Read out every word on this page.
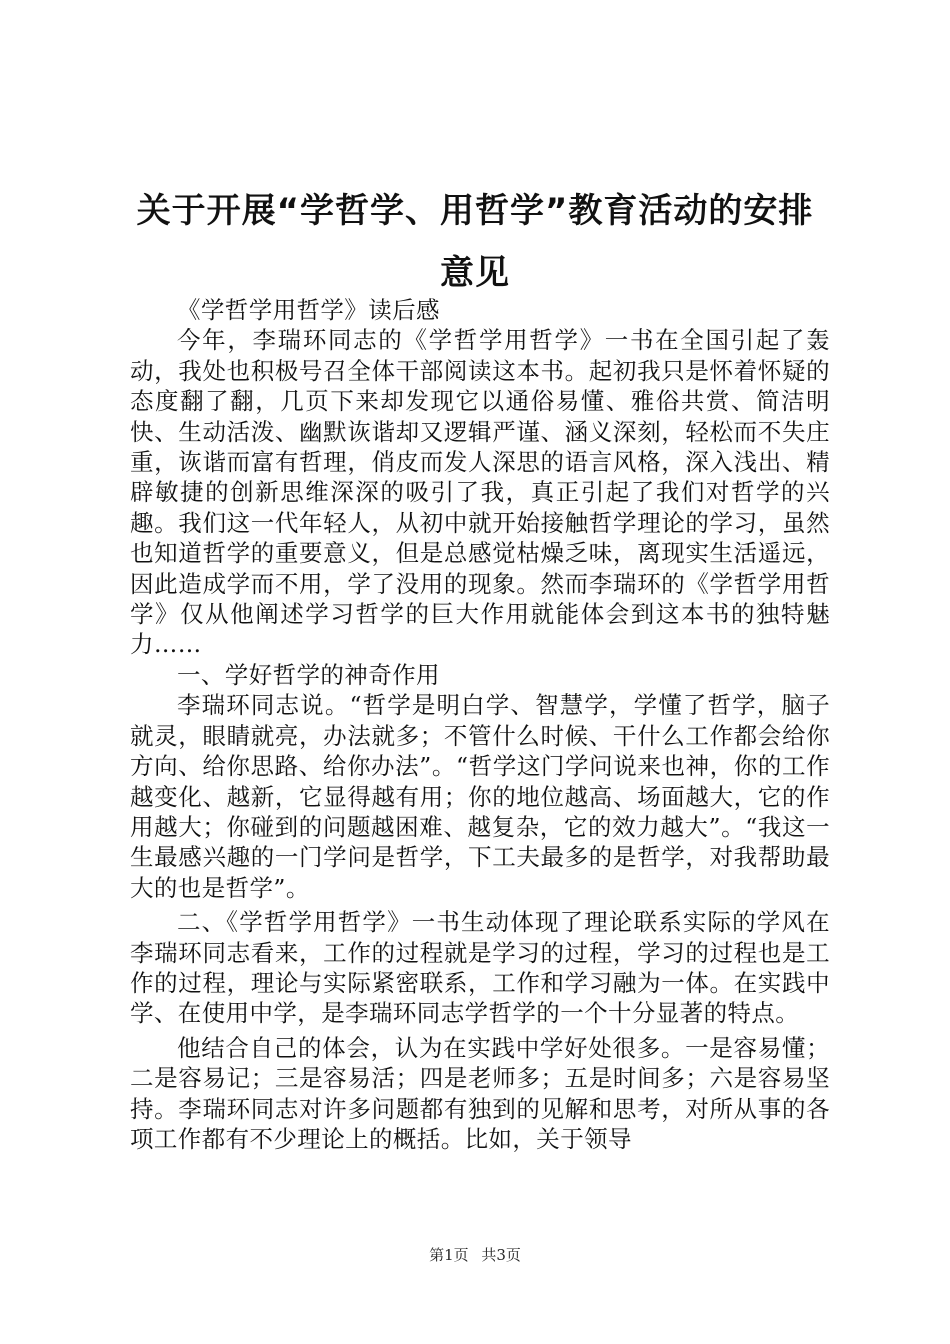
关于开展“学哲学、用哲学”教育活动的安排
意见

《学哲学用哲学》读后感

今年，李瑞环同志的《学哲学用哲学》一书在全国引起了轰动，我处也积极号召全体干部阅读这本书。起初我只是怀着怀疑的态度翻了翻，几页下来却发现它以通俗易懂、雅俗共赏、简洁明快、生动活泼、幽默诙谐却又逻辑严谨、涵义深刻，轻松而不失庄重，诙谐而富有哲理，俏皮而发人深思的语言风格，深入浅出、精辟敏捷的创新思维深深的吸引了我，真正引起了我们对哲学的兴趣。我们这一代年轻人，从初中就开始接触哲学理论的学习，虽然也知道哲学的重要意义，但是总感觉枯燥乏味，离现实生活遥远，因此造成学而不用，学了没用的现象。然而李瑞环的《学哲学用哲学》仅从他阐述学习哲学的巨大作用就能体会到这本书的独特魅力……

一、学好哲学的神奇作用

李瑞环同志说。“哲学是明白学、智慧学，学懂了哲学，脑子就灵，眼睛就亮，办法就多；不管什么时候、干什么工作都会给你方向、给你思路、给你办法”。“哲学这门学问说来也神，你的工作越变化、越新，它显得越有用；你的地位越高、场面越大，它的作用越大；你碰到的问题越困难、越复杂，它的效力越大”。“我这一生最感兴趣的一门学问是哲学，下工夫最多的是哲学，对我帮助最大的也是哲学”。

二、《学哲学用哲学》一书生动体现了理论联系实际的学风在李瑞环同志看来，工作的过程就是学习的过程，学习的过程也是工作的过程，理论与实际紧密联系，工作和学习融为一体。在实践中学、在使用中学，是李瑞环同志学哲学的一个十分显著的特点。

他结合自己的体会，认为在实践中学好处很多。一是容易懂；二是容易记；三是容易活；四是老师多；五是时间多；六是容易坚持。李瑞环同志对许多问题都有独到的见解和思考，对所从事的各项工作都有不少理论上的概括。比如，关于领导

第1页 共3页
